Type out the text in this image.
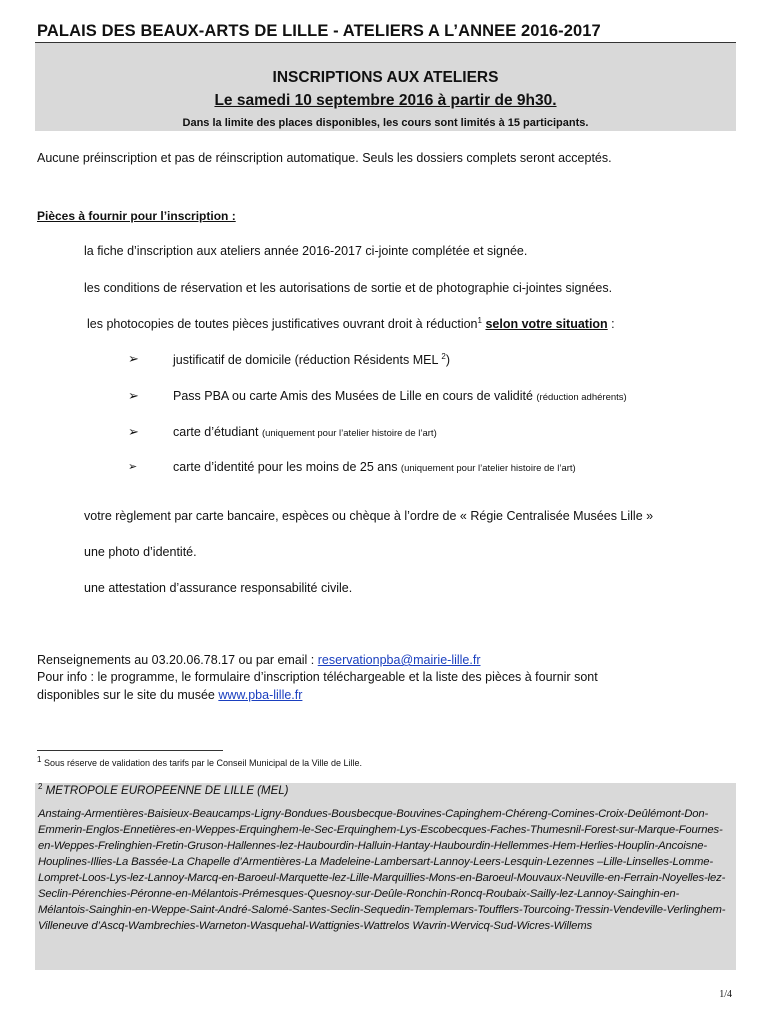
PALAIS DES BEAUX-ARTS DE LILLE - ATELIERS A L’ANNEE 2016-2017
INSCRIPTIONS AUX ATELIERS
Le samedi 10 septembre 2016 à partir de 9h30.
Dans la limite des places disponibles, les cours sont limités à 15 participants.
Aucune préinscription et pas de réinscription automatique. Seuls les dossiers complets seront acceptés.
Pièces à fournir pour l’inscription :
la fiche d’inscription aux ateliers année 2016-2017 ci-jointe complétée et signée.
les conditions de réservation et les autorisations de sortie et de photographie ci-jointes signées.
les photocopies de toutes pièces justificatives ouvrant droit à réduction$^1$ selon votre situation :
➢	justificatif de domicile (réduction Résidents MEL $^2$)
➢	Pass PBA ou carte Amis des Musées de Lille en cours de validité (réduction adhérents)
➢	carte d’étudiant (uniquement pour l’atelier histoire de l’art)
➢	carte d’identité pour les moins de 25 ans (uniquement pour l’atelier histoire de l’art)
votre règlement par carte bancaire, espèces ou chèque à l’ordre de « Régie Centralisée Musées Lille »
une photo d’identité.
une attestation d’assurance responsabilité civile.
Renseignements au 03.20.06.78.17 ou par email : reservationpba@mairie-lille.fr
Pour info : le programme, le formulaire d’inscription téléchargeable et la liste des pièces à fournir sont
disponibles sur le site du musée www.pba-lille.fr
1 Sous réserve de validation des tarifs par le Conseil Municipal de la Ville de Lille.
$^2$ METROPOLE EUROPEENNE DE LILLE (MEL)
Anstaing-Armentières-Baisieux-Beaucamps-Ligny-Bondues-Bousbecque-Bouvines-Capinghem-Chéreng-Comines-Croix-Deûlémont-Don-Emmerin-Englos-Ennetières-en-Weppes-Erquinghem-le-Sec-Erquinghem-Lys-Escobecques-Faches-Thumesnil-Forest-sur-Marque-Fournes-en-Weppes-Frelinghien-Fretin-Gruson-Hallennes-lez-Haubourdin-Halluin-Hantay-Haubourdin-Hellemmes-Hem-Herlies-Houplin-Ancoisne-Houplines-Illies-La Bassée-La Chapelle d’Armentières-La Madeleine-Lambersart-Lannoy-Leers-Lesquin-Lezennes –Lille-Linselles-Lomme-Lompret-Loos-Lys-lez-Lannoy-Marcq-en-Baroeul-Marquette-lez-Lille-Marquillies-Mons-en-Baroeul-Mouvaux-Neuville-en-Ferrain-Noyelles-lez-Seclin-Pérenchies-Péronne-en-Mélantois-Prémesques-Quesnoy-sur-Deûle-Ronchin-Roncq-Roubaix-Sailly-lez-Lannoy-Sainghin-en-Mélantois-Sainghin-en-Weppe-Saint-André-Salomé-Santes-Seclin-Sequedin-Templemars-Toufflers-Tourcoing-Tressin-Vendeville-Verlinghem-Villeneuve d’Ascq-Wambrechies-Warneton-Wasquehal-Wattignies-Wattrelos Wavrin-Wervicq-Sud-Wicres-Willems
1/4
